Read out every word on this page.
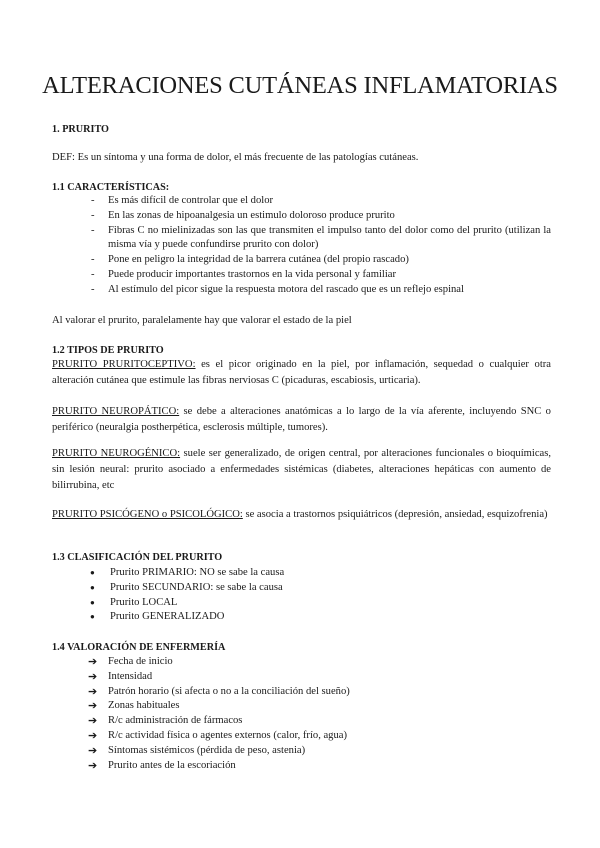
ALTERACIONES CUTÁNEAS INFLAMATORIAS
1. PRURITO
DEF: Es un síntoma y una forma de dolor, el más frecuente de las patologías cutáneas.
1.1 CARACTERÍSTICAS:
- Es más difícil de controlar que el dolor
- En las zonas de hipoanalgesia un estimulo doloroso produce prurito
- Fibras C no mielinizadas son las que transmiten el impulso tanto del dolor como del prurito (utilizan la misma vía y puede confundirse prurito con dolor)
- Pone en peligro la integridad de la barrera cutánea (del propio rascado)
- Puede producir importantes trastornos en la vida personal y familiar
- Al estímulo del picor sigue la respuesta motora del rascado que es un reflejo espinal
Al valorar el prurito, paralelamente hay que valorar el estado de la piel
1.2 TIPOS DE PRURITO
PRURITO PRURITOCEPTIVO: es el picor originado en la piel, por inflamación, sequedad o cualquier otra alteración cutánea que estimule las fibras nerviosas C (picaduras, escabiosis, urticaria).
PRURITO NEUROPÁTICO: se debe a alteraciones anatómicas a lo largo de la vía aferente, incluyendo SNC o periférico (neuralgia postherpética, esclerosis múltiple, tumores).
PRURITO NEUROGÉNICO: suele ser generalizado, de origen central, por alteraciones funcionales o bioquímicas, sin lesión neural: prurito asociado a enfermedades sistémicas (diabetes, alteraciones hepáticas con aumento de bilirrubina, etc
PRURITO PSICÓGENO o PSICOLÓGICO: se asocia a trastornos psiquiátricos (depresión, ansiedad, esquizofrenia)
1.3 CLASIFICACIÓN DEL PRURITO
● Prurito PRIMARIO: NO se sabe la causa
● Prurito SECUNDARIO: se sabe la causa
● Prurito LOCAL
● Prurito GENERALIZADO
1.4 VALORACIÓN DE ENFERMERÍA
➔ Fecha de inicio
➔ Intensidad
➔ Patrón horario (si afecta o no a la conciliación del sueño)
➔ Zonas habituales
➔ R/c administración de fármacos
➔ R/c actividad física o agentes externos (calor, frío, agua)
➔ Síntomas sistémicos (pérdida de peso, astenia)
➔ Prurito antes de la escoriación
